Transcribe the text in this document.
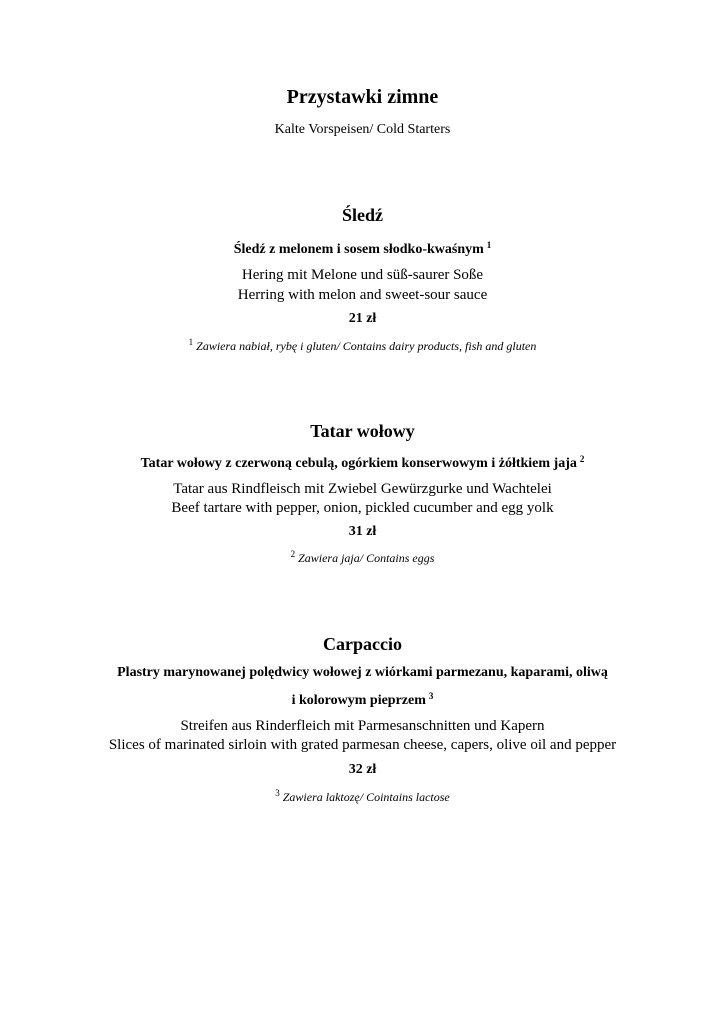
Przystawki zimne
Kalte Vorspeisen/ Cold Starters
Śledź
Śledź z melonem i sosem słodko-kwaśnym $^1$
Hering mit Melone und süß-saurer Soße
Herring with melon and sweet-sour sauce
21 zł
$^1$ Zawiera nabiał, rybę i gluten/ Contains dairy products, fish and gluten
Tatar wołowy
Tatar wołowy z czerwoną cebulą, ogórkiem konserwowym i żółtkiem jaja $^2$
Tatar aus Rindfleisch mit Zwiebel Gewürzgurke und Wachtelei
Beef tartare with pepper, onion, pickled cucumber and egg yolk
31 zł
$^2$ Zawiera jaja/ Contains eggs
Carpaccio
Plastry marynowanej polędwicy wołowej z wiórkami parmezanu, kaparami, oliwą
i kolorowym pieprzem $^3$
Streifen aus Rinderfleich mit Parmesanschnitten und Kapern
Slices of marinated sirloin with grated parmesan cheese, capers, olive oil and pepper
32 zł
$^3$ Zawiera laktozę/ Cointains lactose
